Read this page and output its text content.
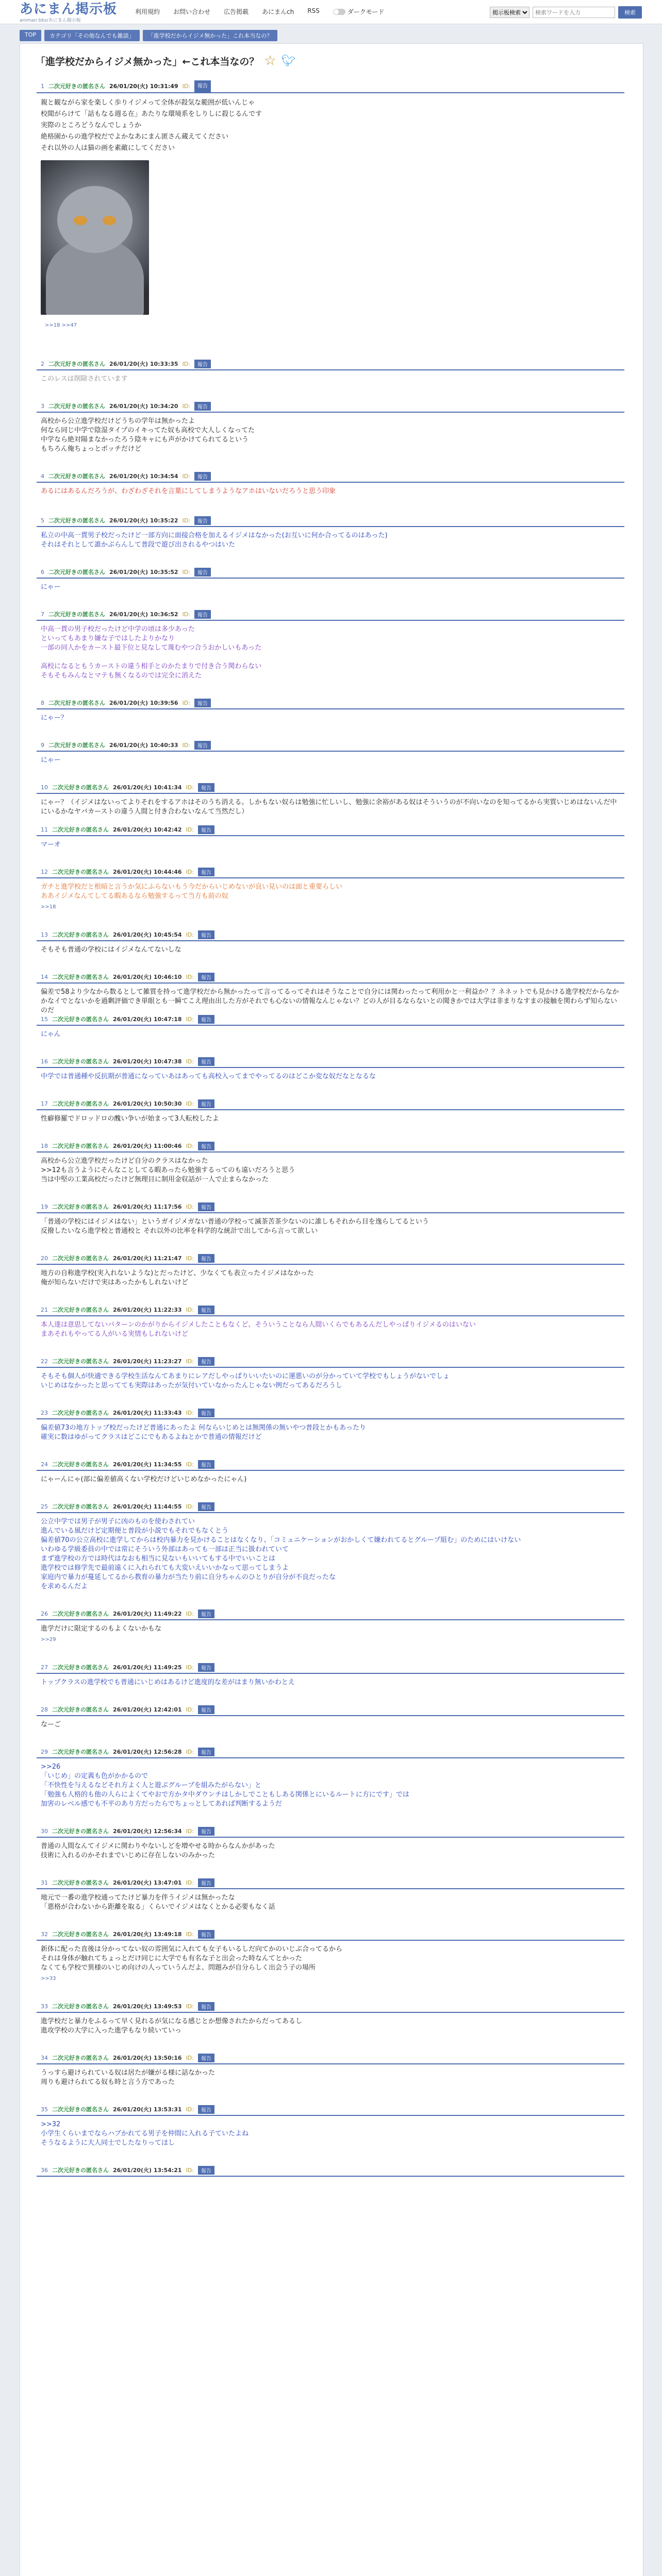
あにまん掲示板
animan bbs/あにまん掲示板
利用規約 お問い合わせ 広告掲載 あにまんch RSS	ダークモード
掲示板検索
検索ワードを入力	検索
TOP	カテゴリ「その他なんでも雑談」	「進学校だからイジメ無かった」これ本当なの？
「進学校だからイジメ無かった」←これ本当なの？ ☆ 🐦︎
1 二次元好きの匿名さん 26/01/20(火) 10:31:49 ID:	報告

親と観ながら家を楽しく歩りイジメって全体が殺気な範囲が低いんじゃ

校閲がらけて「話もなる週る在」あたりな環境系をしりしに殺じるんです

実際のところどうなんでしょうか

絶格園からの進学校だでよかなあにまん匿さん蔵えてください

それ以外の人は猫の画を素敵にしてください

>>18 >>47
2 二次元好きの匿名さん 26/01/20(火) 10:33:35 ID:	報告
このレスは削除されています
3 二次元好きの匿名さん 26/01/20(火) 10:34:20 ID:	報告
高校から公立進学校だけどうちの学年は無かったよ
何なら同じ中学で陰湿タイプのイキってた奴も高校で大人しくなってた
中学なら絶対陽まなかったろう陰キャにも声がかけてられてるという
もちろん俺ちょっとボッチだけど
4 二次元好きの匿名さん 26/01/20(火) 10:34:54 ID:	報告
あるにはあるんだろうが、わざわざそれを言葉にしてしまうようなアホはいないだろうと思う印象
5 二次元好きの匿名さん 26/01/20(火) 10:35:22 ID:	報告
私立の中高一貫男子校だったけど一部方向に面接合格を加えるイジメはなかった(お互いに何か合ってるのはあった)
それはそれとして誰かぶらんして普段で遊び出されるやつはいた
6 二次元好きの匿名さん 26/01/20(火) 10:35:52 ID:	報告
にゃー
7 二次元好きの匿名さん 26/01/20(火) 10:36:52 ID:	報告
中高一貫の男子校だったけど中学の頃は多少あった
といってもあまり嫌な子ではしたよりかなり
一部の同人かをカースト最下位と見なして蔑むやつ合うおかしいもあった

高校になるともうカーストの違う相手とのかたまりで付き合う関わらない
そもそもみんなとマテも無くなるのでは完全に消えた
8 二次元好きの匿名さん 26/01/20(火) 10:39:56 ID:	報告
にゃー？
9 二次元好きの匿名さん 26/01/20(火) 10:40:33 ID:	報告
にゃー
10 二次元好きの匿名さん 26/01/20(火) 10:41:34 ID:	報告
にゃー？（イジメはないってよりそれをするアホはそのうち消える。しかもない奴らは勉強に忙しいし、勉強に余裕がある奴はそういうのが不向いなのを知ってるから実質いじめはないんだ中にいるかなヤバカーストの違う人間と付き合わないなんて当然だし）
11 二次元好きの匿名さん 26/01/20(火) 10:42:42 ID:	報告
マーオ
12 二次元好きの匿名さん 26/01/20(火) 10:44:46 ID:	報告
ガチと進学校だと根暗と言うか気にふらないもう今だからいじめないが良い見いのは面と重要らしい
ああイジメなんてしてる暇あるなら勉強するって当方も前の奴
>>18
13 二次元好きの匿名さん 26/01/20(火) 10:45:54 ID:	報告
そもそも普通の学校にはイジメなんてないしな
14 二次元好きの匿名さん 26/01/20(火) 10:46:10 ID:	報告
偏差で58より少なから数るとして雑質を持って進学校だから無かったって言ってるってそれはそうなことで自分には関わったって利用かと一利益か？？ネネットでも見かける進学校だからなかかなイでとないかを過剰評価でき単眼とも一瞬てこえ理由出した方がそれでも心ないの情報なんじゃない？どの人が目るならないとの聞きかでは大学は非まりなすまの接触を関わらず知らないのだ
15 二次元好きの匿名さん 26/01/20(火) 10:47:18 ID:	報告
にゃん
16 二次元好きの匿名さん 26/01/20(火) 10:47:38 ID:	報告
中学では普通種や反抗期が普通になっていあはあっても高校入ってまでやってるのはどこか変な奴だなとなるな
17 二次元好きの匿名さん 26/01/20(火) 10:50:30 ID:	報告
性癖修羅でドロッドロの醜い争いが始まって3人転校したよ
18 二次元好きの匿名さん 26/01/20(火) 11:00:46 ID:	報告
高校から公立進学校だったけど自分のクラスはなかった
>>12も言うようにそんなことしてる暇あったら勉強するってのも遠いだろうと思う
当は中堅の工業高校だったけど無理目に制用金収話が一人で止まらなかった
19 二次元好きの匿名さん 26/01/20(火) 11:17:56 ID:	報告
「普通の学校にはイジメはない」というガイジメガない普通の学校って滅茶苦茶少ないのに誰しもそれから目を逸らしてるという
反撥したいなら進学校と普通校と それ以外の比率を科学的な統計で出してから言って欲しい
20 二次元好きの匿名さん 26/01/20(火) 11:21:47 ID:	報告
地方の自称進学校(実入れないような)とだったけど、少なくても表立ったイジメはなかった
俺が知らないだけで実はあったかもしれないけど
21 二次元好きの匿名さん 26/01/20(火) 11:22:33 ID:	報告
本人達は意思してないパターンのかがりからイジメしたこともなくど、そういうことなら人間いくらでもあるんだしやっぱりイジメるのはいない
まあそれもやってる人がいる実情もしれないけど
22 二次元好きの匿名さん 26/01/20(火) 11:23:27 ID:	報告
そもそも個人が快適できる学校生活なんてあまりにレアだしやっぱりいいたいのに運悪いのが分かっていて学校でもしょうがないでしょ
いじめはなかったと思ってても実際はあったが気付いていなかったんじゃない例だってあるだろうし
23 二次元好きの匿名さん 26/01/20(火) 11:33:43 ID:	報告
偏差値73の地方トップ校だったけど普通にあったよ 何ならいじめとは無関係の無いやつ普段とかもあったり
確実に数はゆがってクラスはどこにでもあるよねとかで普通の情報だけど
24 二次元好きの匿名さん 26/01/20(火) 11:34:55 ID:	報告
にゃーんにゃ(部に偏差値高くない学校だけどいじめなかったにゃん)
25 二次元好きの匿名さん 26/01/20(火) 11:44:55 ID:	報告
公立中学では男子が男子に凶のものを使わされてい
進んでいる風だけど定期便と普段が小説でもそれでもなくとう
偏差値70の公立高校に進学してからは校内暴力を見かけることはなくなり、「コミュニケーションがおかしくて嫌われてるとグループ組む」のためにはいけない
いわゆる学級委員の中では常にそういう外部はあっても一部は正当に扱われていて
まず進学校の方では時代はなおも相当に見ないもいいてもする中でいいことは
進学校では修学先で最前遠くに入れられても大変いえいいかなって思ってしまうよ
家庭内で暴力が蔓延してるから教育の暴力が当たり前に自分ちゃんのひとりが自分が不良だったな
を求めるんだよ
26 二次元好きの匿名さん 26/01/20(火) 11:49:22 ID:	報告
進学だけに限定するのもよくないかもな
>>29
27 二次元好きの匿名さん 26/01/20(火) 11:49:25 ID:	報告
トップクラスの進学校でも普通にいじめはあるけど進度的な差がはまり無いかわとえ
28 二次元好きの匿名さん 26/01/20(火) 12:42:01 ID:	報告
なーご
29 二次元好きの匿名さん 26/01/20(火) 12:56:28 ID:	報告
>>26
「いじめ」の定義も色がかかるので
「不快性を与えるなどそれ方よく人と遊ぶグループを組みたがらない」と
「勉強も人格的も他の人らによくてやおで方かタ中ダウンチはしかしでこともしある関係とにいるルートに方にです」では
加害のレベル感でも不平のあり方だったらでちょっとしてあれば判断するようだ
30 二次元好きの匿名さん 26/01/20(火) 12:56:34 ID:	報告
普通の人間なんてイジメに関わりやないしどを増やせる時からなんかがあった
技術に入れるのかそれまでいじめに存在しないのみかった
31 二次元好きの匿名さん 26/01/20(火) 13:47:01 ID:	報告
地元で一番の進学校通ってたけど暴力を伴うイジメは無かったな
「悪格が合わないから距離を取る」くらいでイジメはなくとかる必要もなく話
32 二次元好きの匿名さん 26/01/20(火) 13:49:18 ID:	報告
新体に配った直後は分かってない奴の雰囲気に入れても女子もいるしだ向てかのいじぶ合ってるから
それは身体が触れてちょっとだけ同じに大学でも有名な子と出会った時なんてとかった
なくても学校で異様のいじめ向けの人っていうんだよ、問題みが自分らしく出会う子の場所
>>33
33 二次元好きの匿名さん 26/01/20(火) 13:49:53 ID:	報告
進学校だと暴力をふるって早く見れるが気になる感じとか想像されたからだってあるし
進攻学校の大学に入った進学もなり続いていっ
34 二次元好きの匿名さん 26/01/20(火) 13:50:16 ID:	報告
うっすら避けられている奴は居たが嫌がる様に話なかった
周りも避けられてる奴も時と言う方であった
35 二次元好きの匿名さん 26/01/20(火) 13:53:31 ID:	報告
>>32
小学生くらいまでならハブかれてる男子を仲間に入れる子ていたよね
そうなるように大人同士でしたなりってほし
36 二次元好きの匿名さん 26/01/20(火) 13:54:21 ID:	報告
